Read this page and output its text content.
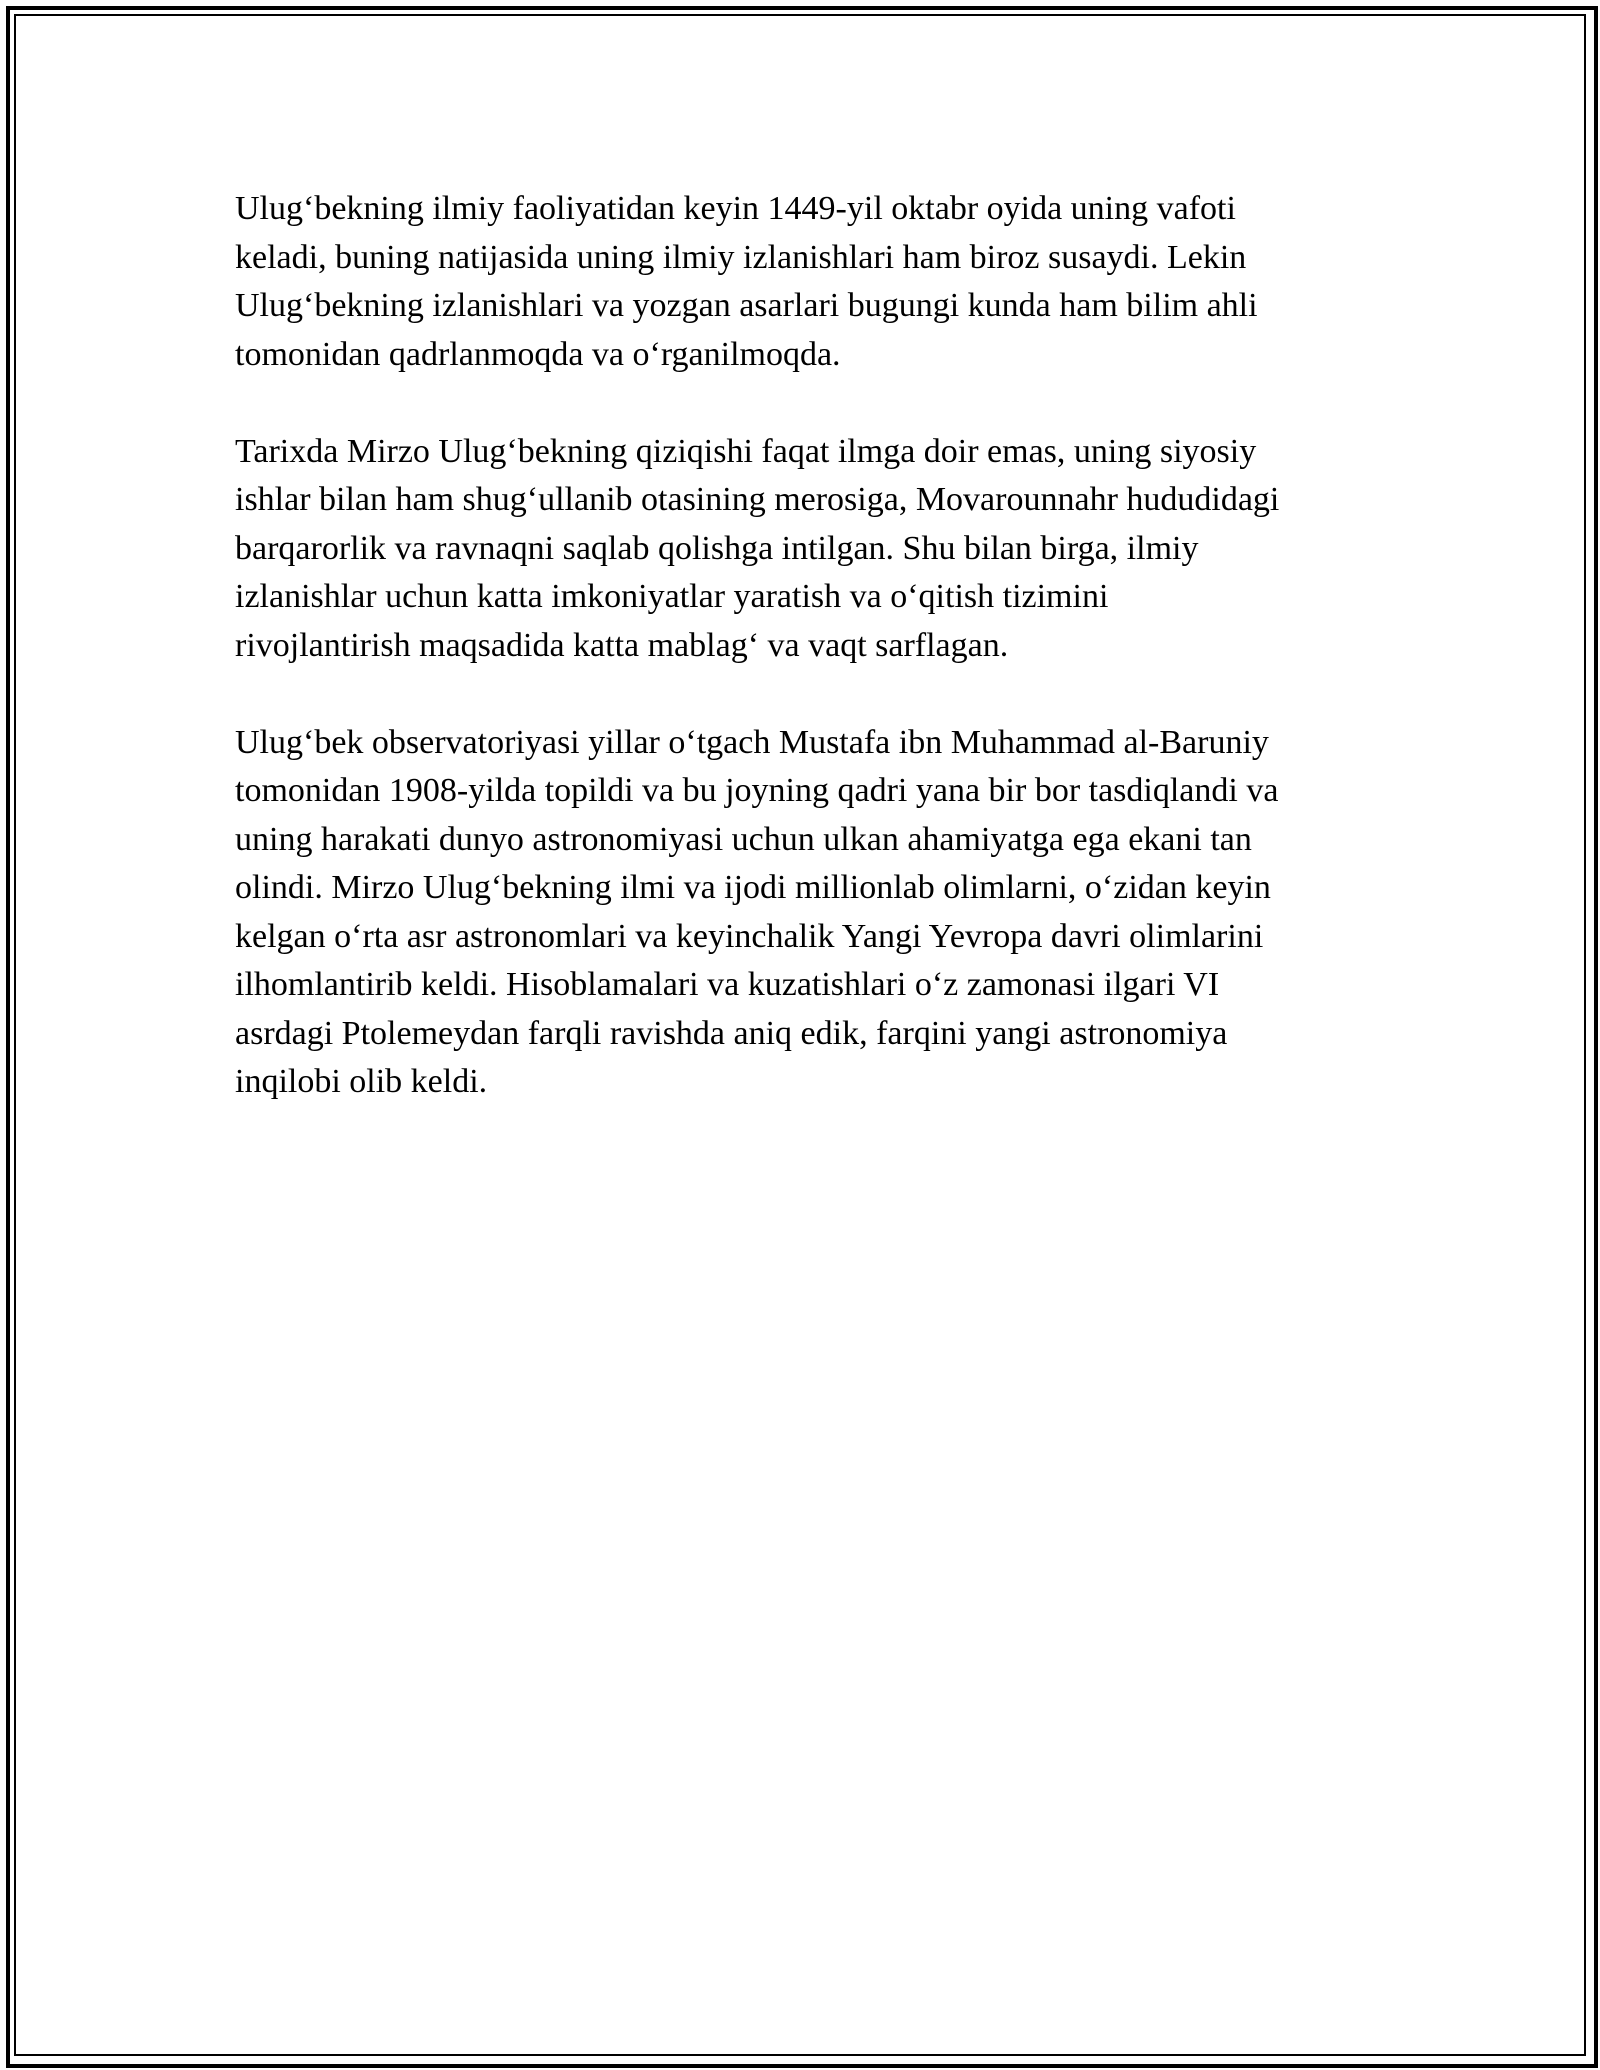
Ulug‘bekning ilmiy faoliyatidan keyin 1449-yil oktabr oyida uning vafoti
keladi, buning natijasida uning ilmiy izlanishlari ham biroz susaydi. Lekin
Ulug‘bekning izlanishlari va yozgan asarlari bugungi kunda ham bilim ahli
tomonidan qadrlanmoqda va o‘rganilmoqda.

Tarixda Mirzo Ulug‘bekning qiziqishi faqat ilmga doir emas, uning siyosiy
ishlar bilan ham shug‘ullanib otasining merosiga, Movarounnahr hududidagi
barqarorlik va ravnaqni saqlab qolishga intilgan. Shu bilan birga, ilmiy
izlanishlar uchun katta imkoniyatlar yaratish va o‘qitish tizimini
rivojlantirish maqsadida katta mablag‘ va vaqt sarflagan.

Ulug‘bek observatoriyasi yillar o‘tgach Mustafa ibn Muhammad al-Baruniy
tomonidan 1908-yilda topildi va bu joyning qadri yana bir bor tasdiqlandi va
uning harakati dunyo astronomiyasi uchun ulkan ahamiyatga ega ekani tan
olindi. Mirzo Ulug‘bekning ilmi va ijodi millionlab olimlarni, o‘zidan keyin
kelgan o‘rta asr astronomlari va keyinchalik Yangi Yevropa davri olimlarini
ilhomlantirib keldi. Hisoblamalari va kuzatishlari o‘z zamonasi ilgari VI
asrdagi Ptolemeydan farqli ravishda aniq edik, farqini yangi astronomiya
inqilobi olib keldi.
